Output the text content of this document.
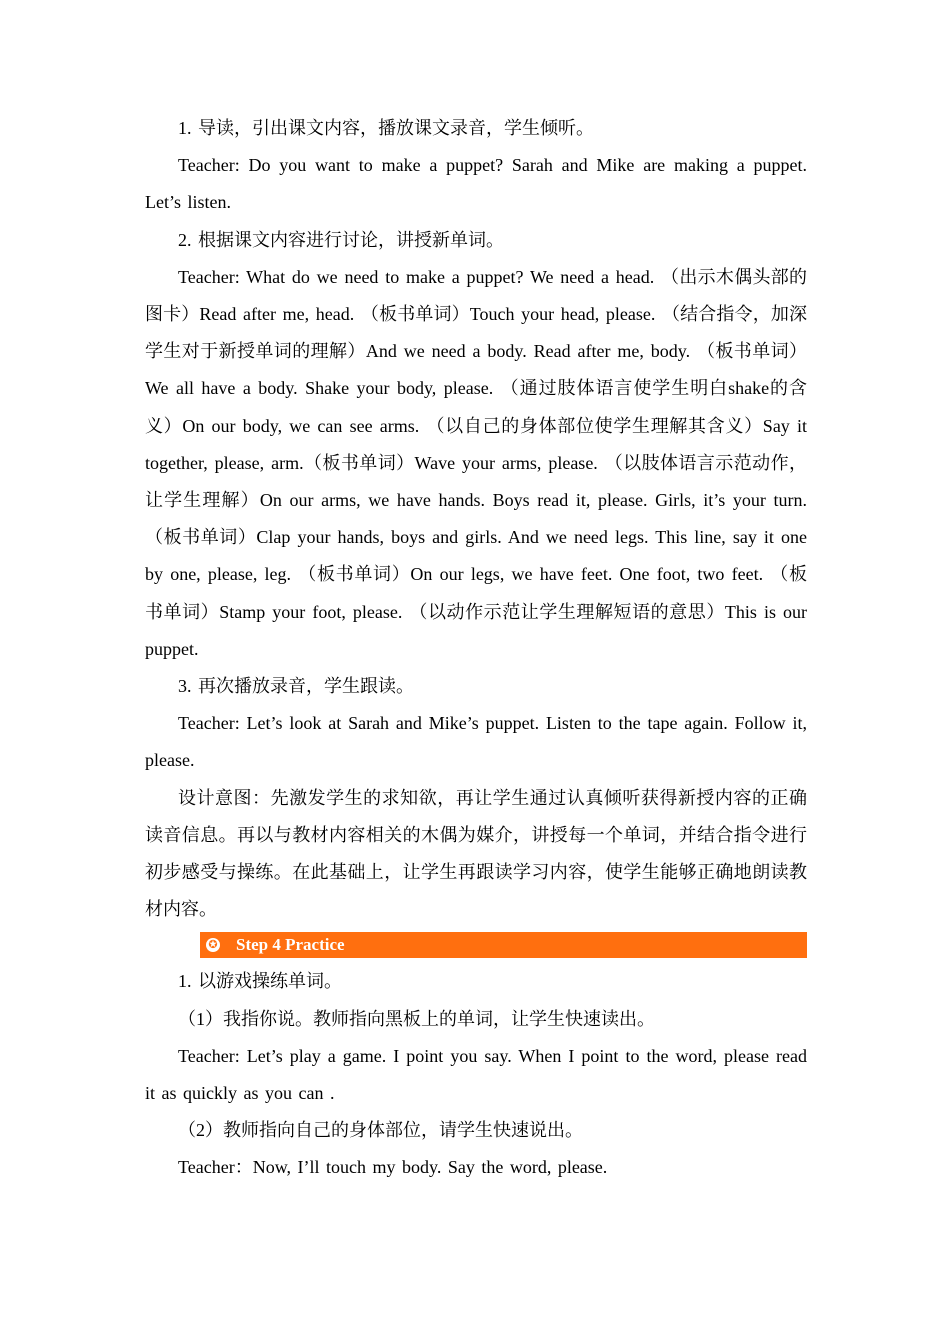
1. 导读，引出课文内容，播放课文录音，学生倾听。

Teacher: Do you want to make a puppet? Sarah and Mike are making a puppet. Let’s listen.

2. 根据课文内容进行讨论，讲授新单词。

Teacher: What do we need to make a puppet? We need a head. （出示木偶头部的图卡）Read after me, head. （板书单词）Touch your head, please. （结合指令，加深学生对于新授单词的理解）And we need a body. Read after me, body. （板书单词）We all have a body. Shake your body, please. （通过肢体语言使学生明白shake的含义）On our body, we can see arms. （以自己的身体部位使学生理解其含义）Say it together, please, arm.（板书单词）Wave your arms, please. （以肢体语言示范动作，让学生理解）On our arms, we have hands. Boys read it, please. Girls, it’s your turn. （板书单词）Clap your hands, boys and girls. And we need legs. This line, say it one by one, please, leg. （板书单词）On our legs, we have feet. One foot, two feet. （板书单词）Stamp your foot, please. （以动作示范让学生理解短语的意思）This is our puppet.

3. 再次播放录音，学生跟读。

Teacher: Let’s look at Sarah and Mike’s puppet. Listen to the tape again. Follow it, please.

设计意图：先激发学生的求知欲，再让学生通过认真倾听获得新授内容的正确读音信息。再以与教材内容相关的木偶为媒介，讲授每一个单词，并结合指令进行初步感受与操练。在此基础上，让学生再跟读学习内容，使学生能够正确地朗读教材内容。

✪ Step 4 Practice

1. 以游戏操练单词。

（1）我指你说。教师指向黑板上的单词，让学生快速读出。

Teacher: Let’s play a game. I point you say. When I point to the word, please read it as quickly as you can .

（2）教师指向自己的身体部位，请学生快速说出。

Teacher：Now, I’ll touch my body. Say the word, please.
